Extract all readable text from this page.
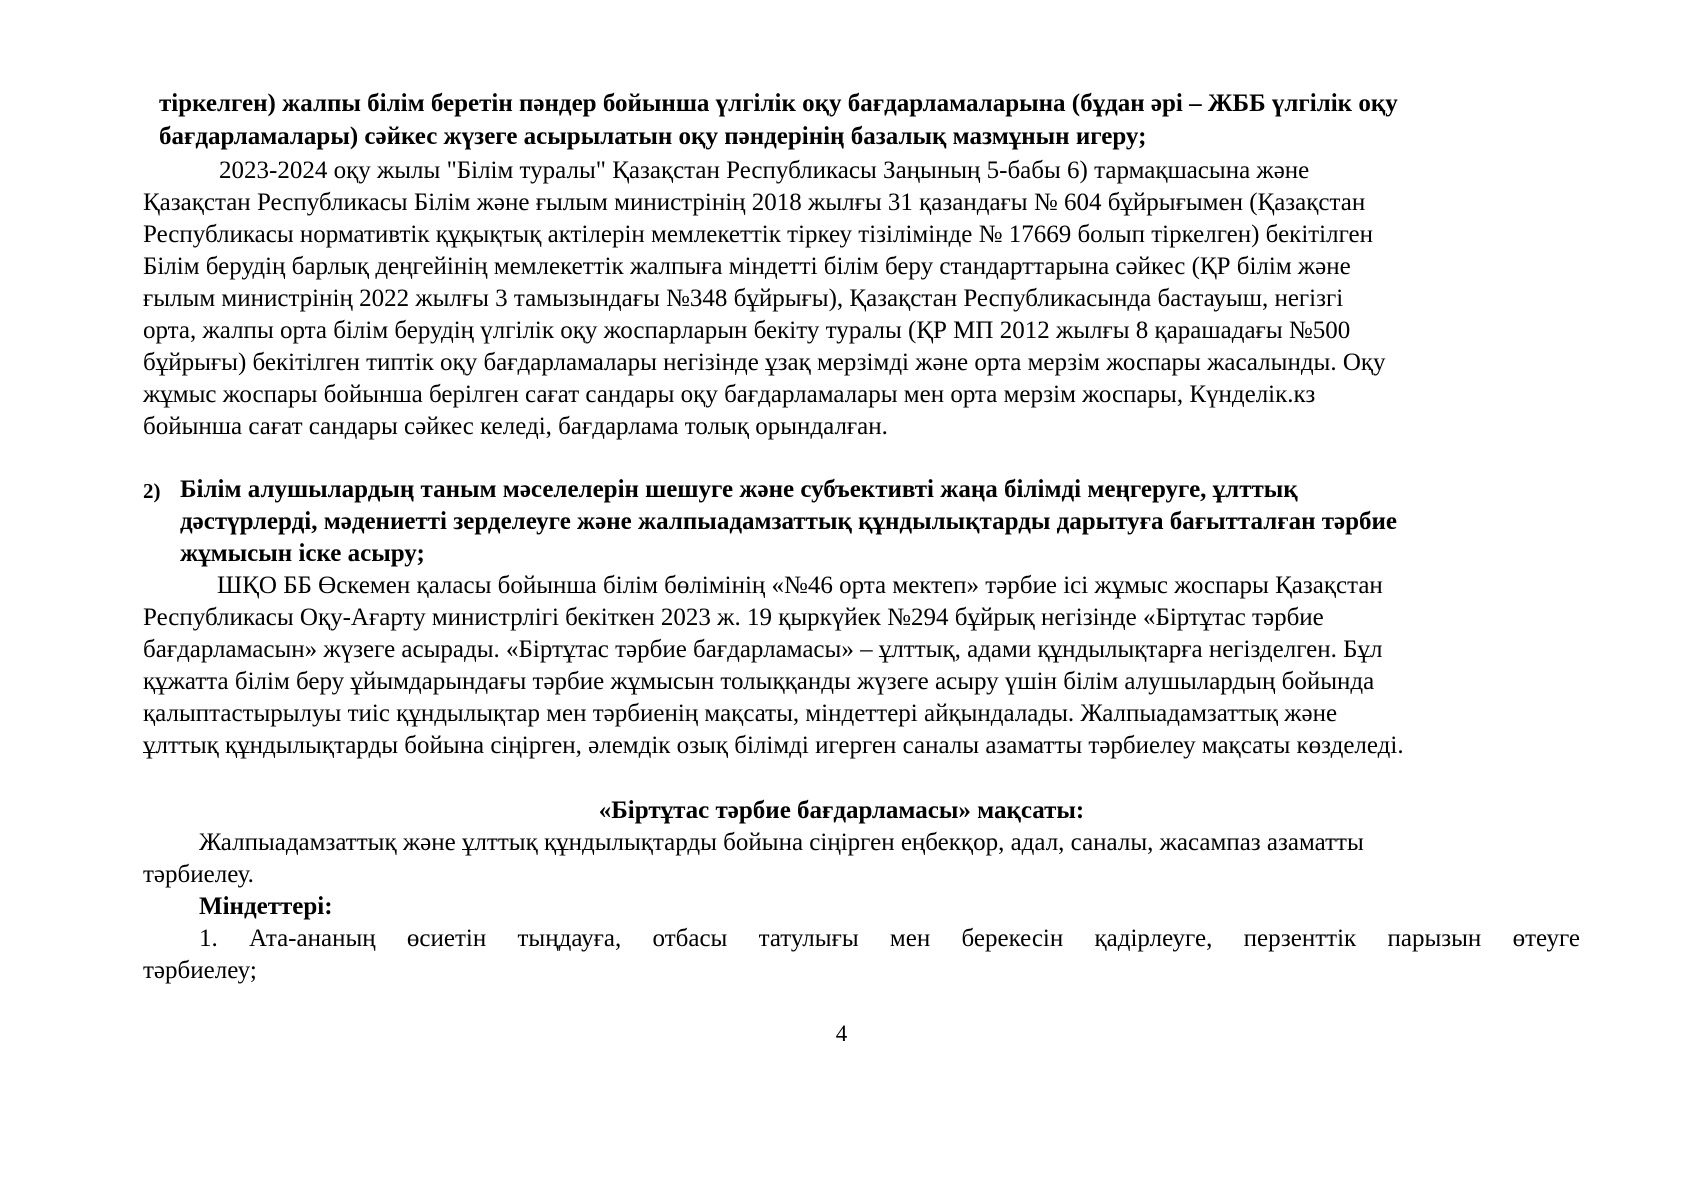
тіркелген) жалпы білім беретін пәндер бойынша үлгілік оқу бағдарламаларына (бұдан әрі – ЖББ үлгілік оқу
бағдарламалары) сәйкес жүзеге асырылатын оқу пәндерінің базалық мазмұнын игеру;
2023-2024 оқу жылы "Білім туралы" Қазақстан Республикасы Заңының 5-бабы 6) тармақшасына және
Қазақстан Республикасы Білім және ғылым министрінің 2018 жылғы 31 қазандағы № 604 бұйрығымен (Қазақстан
Республикасы нормативтік құқықтық актілерін мемлекеттік тіркеу тізілімінде № 17669 болып тіркелген) бекітілген
Білім берудің барлық деңгейінің мемлекеттік жалпыға міндетті білім беру стандарттарына сәйкес (ҚР білім және
ғылым министрінің 2022 жылғы 3 тамызындағы №348 бұйрығы), Қазақстан Республикасында бастауыш, негізгі
орта, жалпы орта білім берудің үлгілік оқу жоспарларын бекіту туралы (ҚР МП 2012 жылғы 8 қарашадағы №500
бұйрығы) бекітілген типтік оқу бағдарламалары негізінде ұзақ мерзімді және орта мерзім жоспары жасалынды. Оқу
жұмыс жоспары бойынша берілген сағат сандары оқу бағдарламалары мен орта мерзім жоспары, Күнделік.кз
бойынша сағат сандары сәйкес келеді, бағдарлама толық орындалған.
2) Білім алушылардың таным мәселелерін шешуге және субъективті жаңа білімді меңгеруге, ұлттық
дәстүрлерді, мәдениетті зерделеуге және жалпыадамзаттық құндылықтарды дарытуға бағытталған тәрбие
жұмысын іске асыру;
ШҚО ББ Өскемен қаласы бойынша білім бөлімінің «№46 орта мектеп» тәрбие ісі жұмыс жоспары Қазақстан
Республикасы Оқу-Ағарту министрлігі бекіткен 2023 ж. 19 қыркүйек №294 бұйрық негізінде «Біртұтас тәрбие
бағдарламасын» жүзеге асырады. «Біртұтас тәрбие бағдарламасы» – ұлттық, адами құндылықтарға негізделген. Бұл
құжатта білім беру ұйымдарындағы тәрбие жұмысын толыққанды жүзеге асыру үшін білім алушылардың бойында
қалыптастырылуы тиіс құндылықтар мен тәрбиенің мақсаты, міндеттері айқындалады. Жалпыадамзаттық және
ұлттық құндылықтарды бойына сіңірген, әлемдік озық білімді игерген саналы азаматты тәрбиелеу мақсаты көзделеді.
«Біртұтас тәрбие бағдарламасы» мақсаты:
Жалпыадамзаттық және ұлттық құндылықтарды бойына сіңірген еңбекқор, адал, саналы, жасампаз азаматты
тәрбиелеу.
Міндеттері:
1. Ата-ананың өсиетін тыңдауға, отбасы татулығы мен берекесін қадірлеуге, перзенттік парызын өтеуге
тәрбиелеу;
4
